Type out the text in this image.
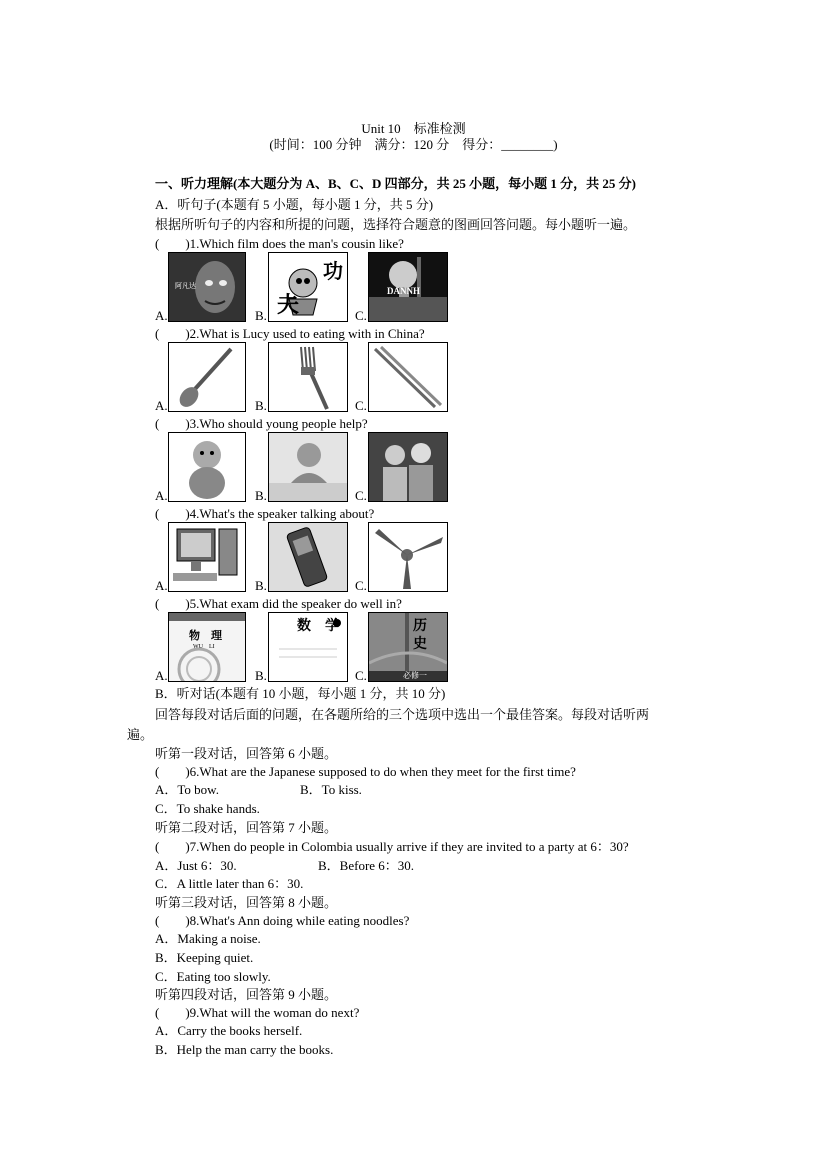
Unit 10　标准检测
(时间：100 分钟　满分：120 分　得分：________)
一、听力理解(本大题分为 A、B、C、D 四部分，共 25 小题，每小题 1 分，共 25 分)
A．听句子(本题有 5 小题，每小题 1 分，共 5 分)
根据所听句子的内容和所提的问题，选择符合题意的图画回答问题。每小题听一遍。
(　　)1.Which film does the man's cousin like?
A.
阿凡达
B.
功
夫	C.
DANNH
(　　)2.What is Lucy used to eating with in China?
A.	B.	C.
(　　)3.Who should young people help?
A.	B.	C.
(　　)4.What's the speaker talking about?
A.	B.	C.
(　　)5.What exam did the speaker do well in?
A.
物　理
WU　LI
B.
数　学
C.
历
史
必修一
B．听对话(本题有 10 小题，每小题 1 分，共 10 分)
回答每段对话后面的问题，在各题所给的三个选项中选出一个最佳答案。每段对话听两
遍。
听第一段对话，回答第 6 小题。
(　　)6.What are the Japanese supposed to do when they meet for the first time?
A．To bow.	B．To kiss.
C．To shake hands.
听第二段对话，回答第 7 小题。
(　　)7.When do people in Colombia usually arrive if they are invited to a party at 6：30?
A．Just 6：30.	B．Before 6：30.
C．A little later than 6：30.
听第三段对话，回答第 8 小题。
(　　)8.What's Ann doing while eating noodles?
A．Making a noise.
B．Keeping quiet.
C．Eating too slowly.
听第四段对话，回答第 9 小题。
(　　)9.What will the woman do next?
A．Carry the books herself.
B．Help the man carry the books.
